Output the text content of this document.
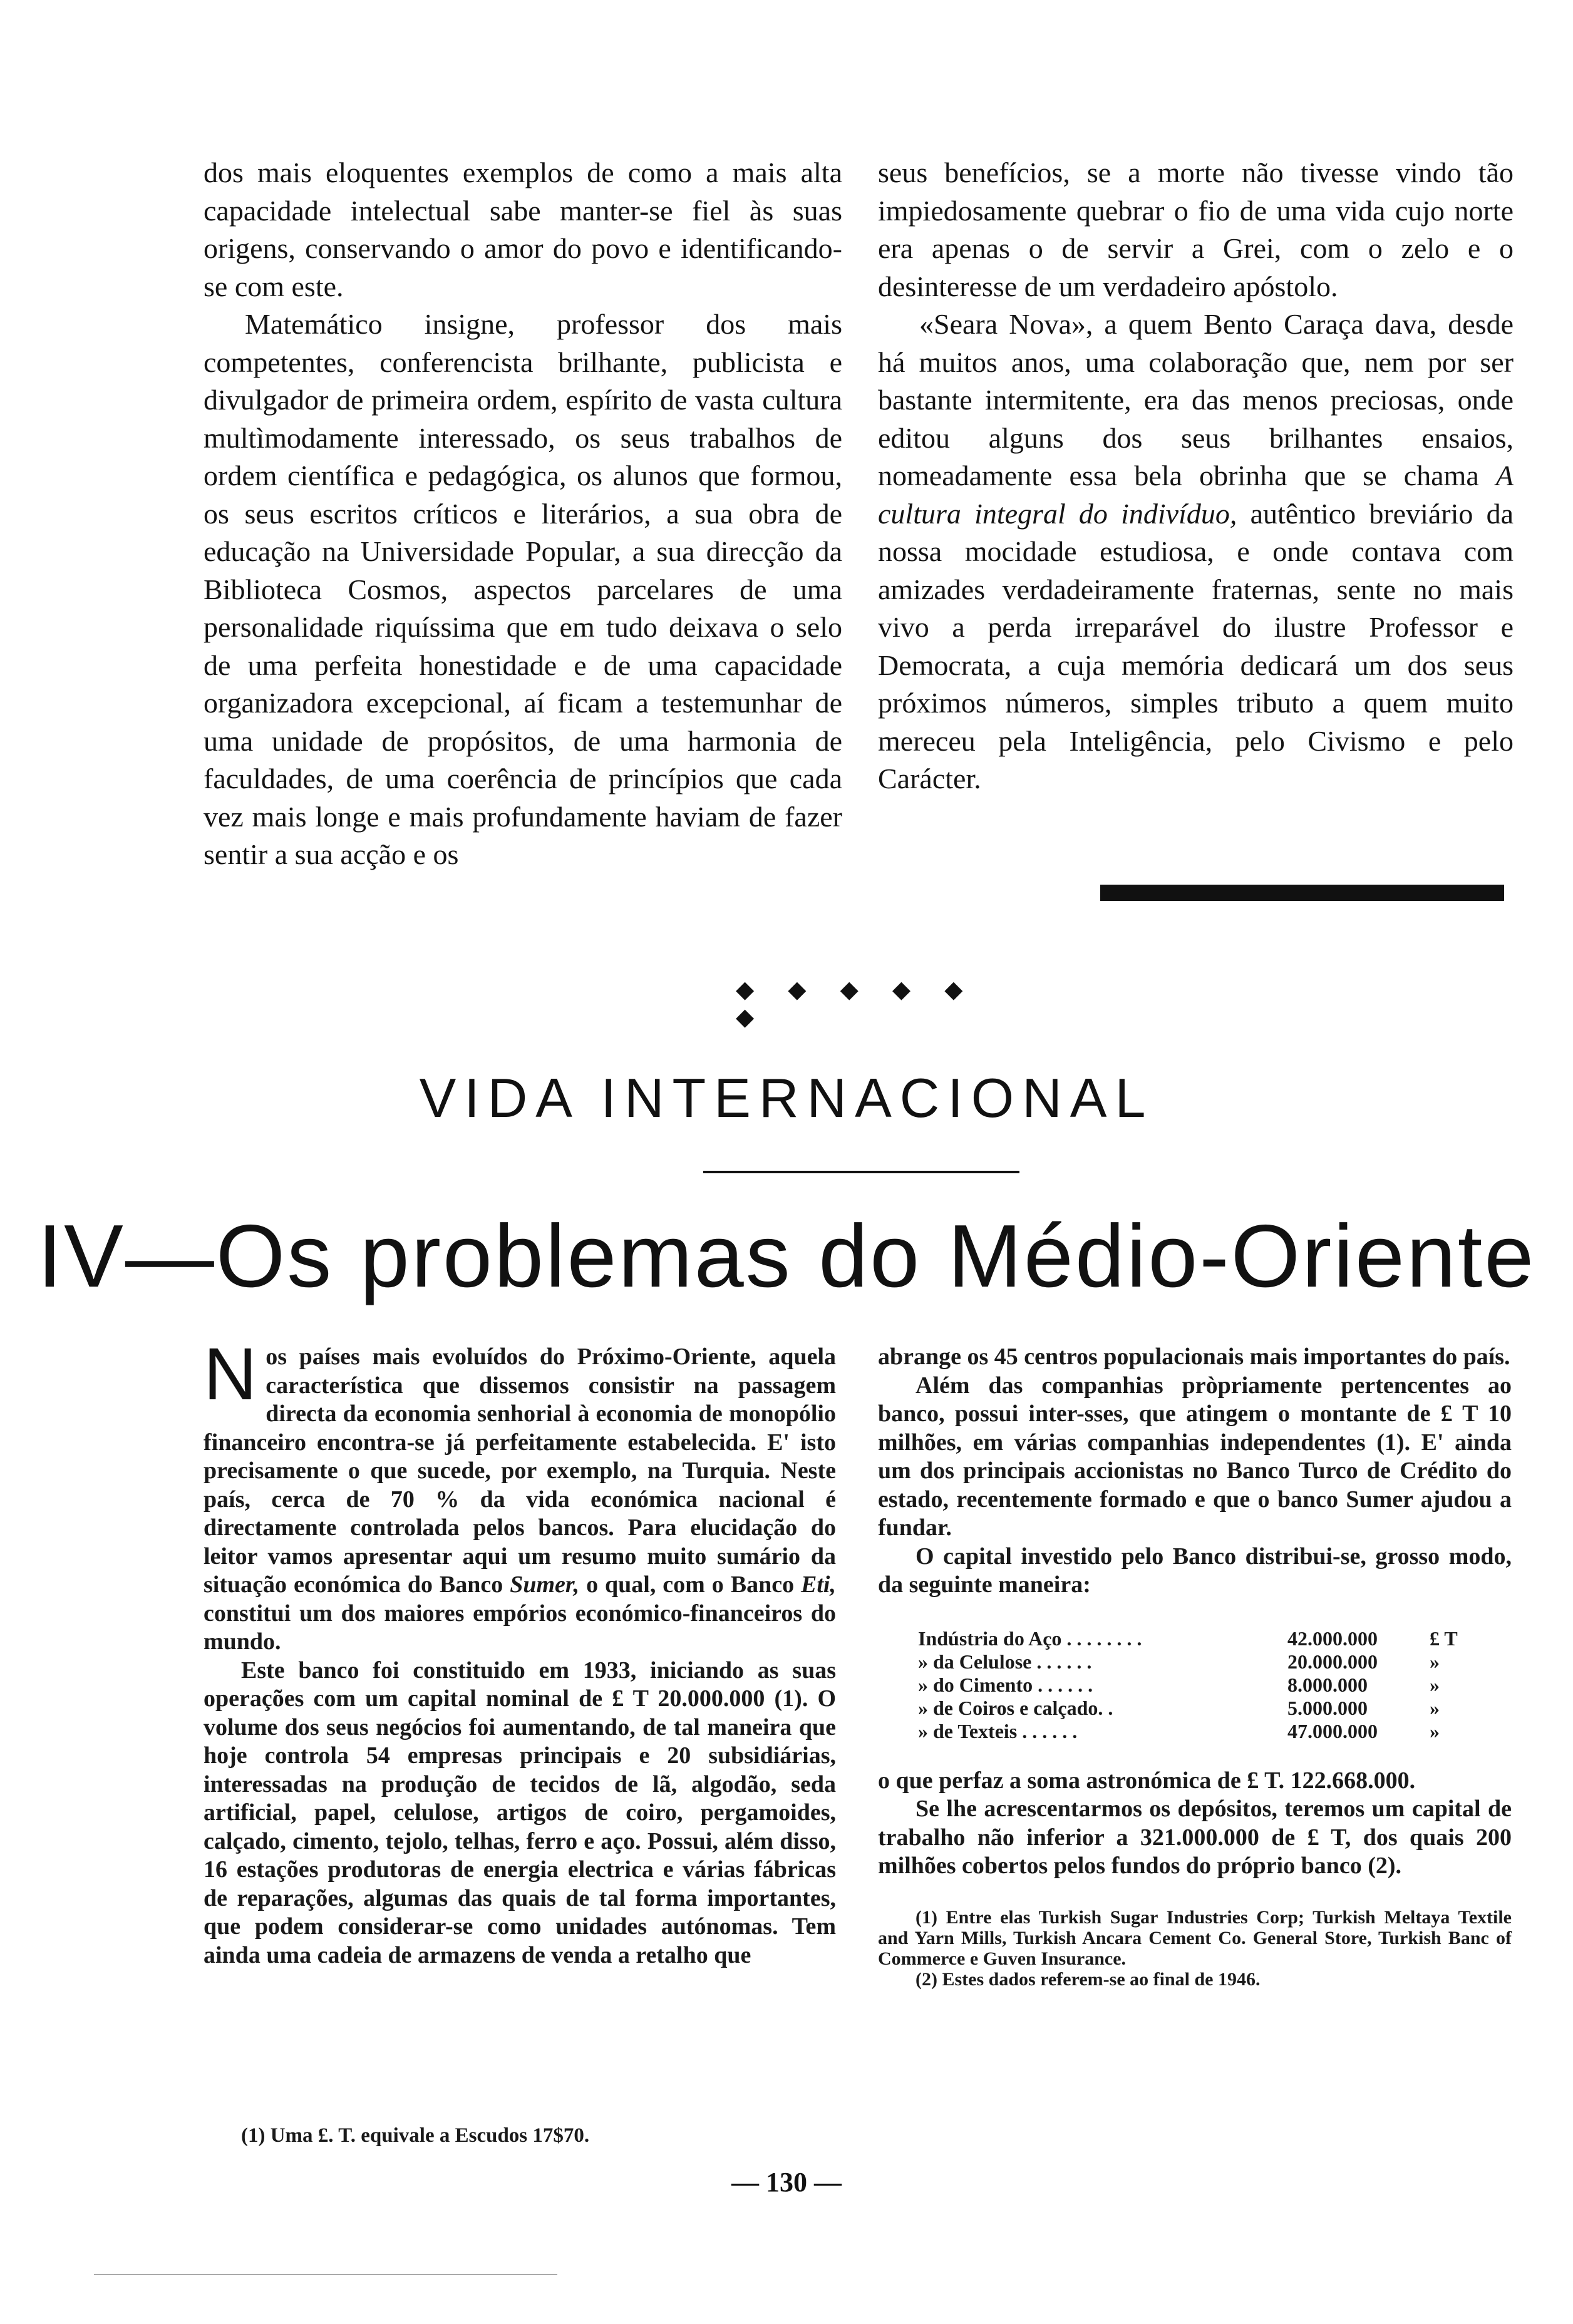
dos mais eloquentes exemplos de como a mais alta capacidade intelectual sabe manter-se fiel às suas origens, conservando o amor do povo e identificando-se com este.

Matemático insigne, professor dos mais competentes, conferencista brilhante, publicista e divulgador de primeira ordem, espírito de vasta cultura multìmodamente interessado, os seus trabalhos de ordem científica e pedagógica, os alunos que formou, os seus escritos críticos e literários, a sua obra de educação na Universidade Popular, a sua direcção da Biblioteca Cosmos, aspectos parcelares de uma personalidade riquíssima que em tudo deixava o selo de uma perfeita honestidade e de uma capacidade organizadora excepcional, aí ficam a testemunhar de uma unidade de propósitos, de uma harmonia de faculdades, de uma coerência de princípios que cada vez mais longe e mais profundamente haviam de fazer sentir a sua acção e os

seus benefícios, se a morte não tivesse vindo tão impiedosamente quebrar o fio de uma vida cujo norte era apenas o de servir a Grei, com o zelo e o desinteresse de um verdadeiro apóstolo.

«Seara Nova», a quem Bento Caraça dava, desde há muitos anos, uma colaboração que, nem por ser bastante intermitente, era das menos preciosas, onde editou alguns dos seus brilhantes ensaios, nomeadamente essa bela obrinha que se chama A cultura integral do indivíduo, autêntico breviário da nossa mocidade estudiosa, e onde contava com amizades verdadeiramente fraternas, sente no mais vivo a perda irreparável do ilustre Professor e Democrata, a cuja memória dedicará um dos seus próximos números, simples tributo a quem muito mereceu pela Inteligência, pelo Civismo e pelo Carácter.

◆ ◆ ◆ ◆ ◆ ◆
VIDA INTERNACIONAL
IV—Os problemas do Médio-Oriente

Nos países mais evoluídos do Próximo-Oriente, aquela característica que dissemos consistir na passagem directa da economia senhorial à economia de monopólio financeiro encontra-se já perfeitamente estabelecida. E' isto precisamente o que sucede, por exemplo, na Turquia. Neste país, cerca de 70 % da vida económica nacional é directamente controlada pelos bancos. Para elucidação do leitor vamos apresentar aqui um resumo muito sumário da situação económica do Banco Sumer, o qual, com o Banco Eti, constitui um dos maiores empórios económico-financeiros do mundo.

Este banco foi constituido em 1933, iniciando as suas operações com um capital nominal de £ T 20.000.000 (1). O volume dos seus negócios foi aumentando, de tal maneira que hoje controla 54 empresas principais e 20 subsidiárias, interessadas na produção de tecidos de lã, algodão, seda artificial, papel, celulose, artigos de coiro, pergamoides, calçado, cimento, tejolo, telhas, ferro e aço. Possui, além disso, 16 estações produtoras de energia electrica e várias fábricas de reparações, algumas das quais de tal forma importantes, que podem considerar-se como unidades autónomas. Tem ainda uma cadeia de armazens de venda a retalho que

(1) Uma £. T. equivale a Escudos 17$70.

abrange os 45 centros populacionais mais importantes do país.

Além das companhias pròpriamente pertencentes ao banco, possui inter-sses, que atingem o montante de £ T 10 milhões, em várias companhias independentes (1). E' ainda um dos principais accionistas no Banco Turco de Crédito do estado, recentemente formado e que o banco Sumer ajudou a fundar.

O capital investido pelo Banco distribui-se, grosso modo, da seguinte maneira:

Indústria do Aço . . . . . . . .	42.000.000	£ T
» da Celulose . . . . . .	20.000.000	»
» do Cimento . . . . . .	8.000.000	»
» de Coiros e calçado. .	5.000.000	»
» de Texteis . . . . . .	47.000.000	»

o que perfaz a soma astronómica de £ T. 122.668.000.

Se lhe acrescentarmos os depósitos, teremos um capital de trabalho não inferior a 321.000.000 de £ T, dos quais 200 milhões cobertos pelos fundos do próprio banco (2).

(1) Entre elas Turkish Sugar Industries Corp; Turkish Meltaya Textile and Yarn Mills, Turkish Ancara Cement Co. General Store, Turkish Banc of Commerce e Guven Insurance.

(2) Estes dados referem-se ao final de 1946.

— 130 —
